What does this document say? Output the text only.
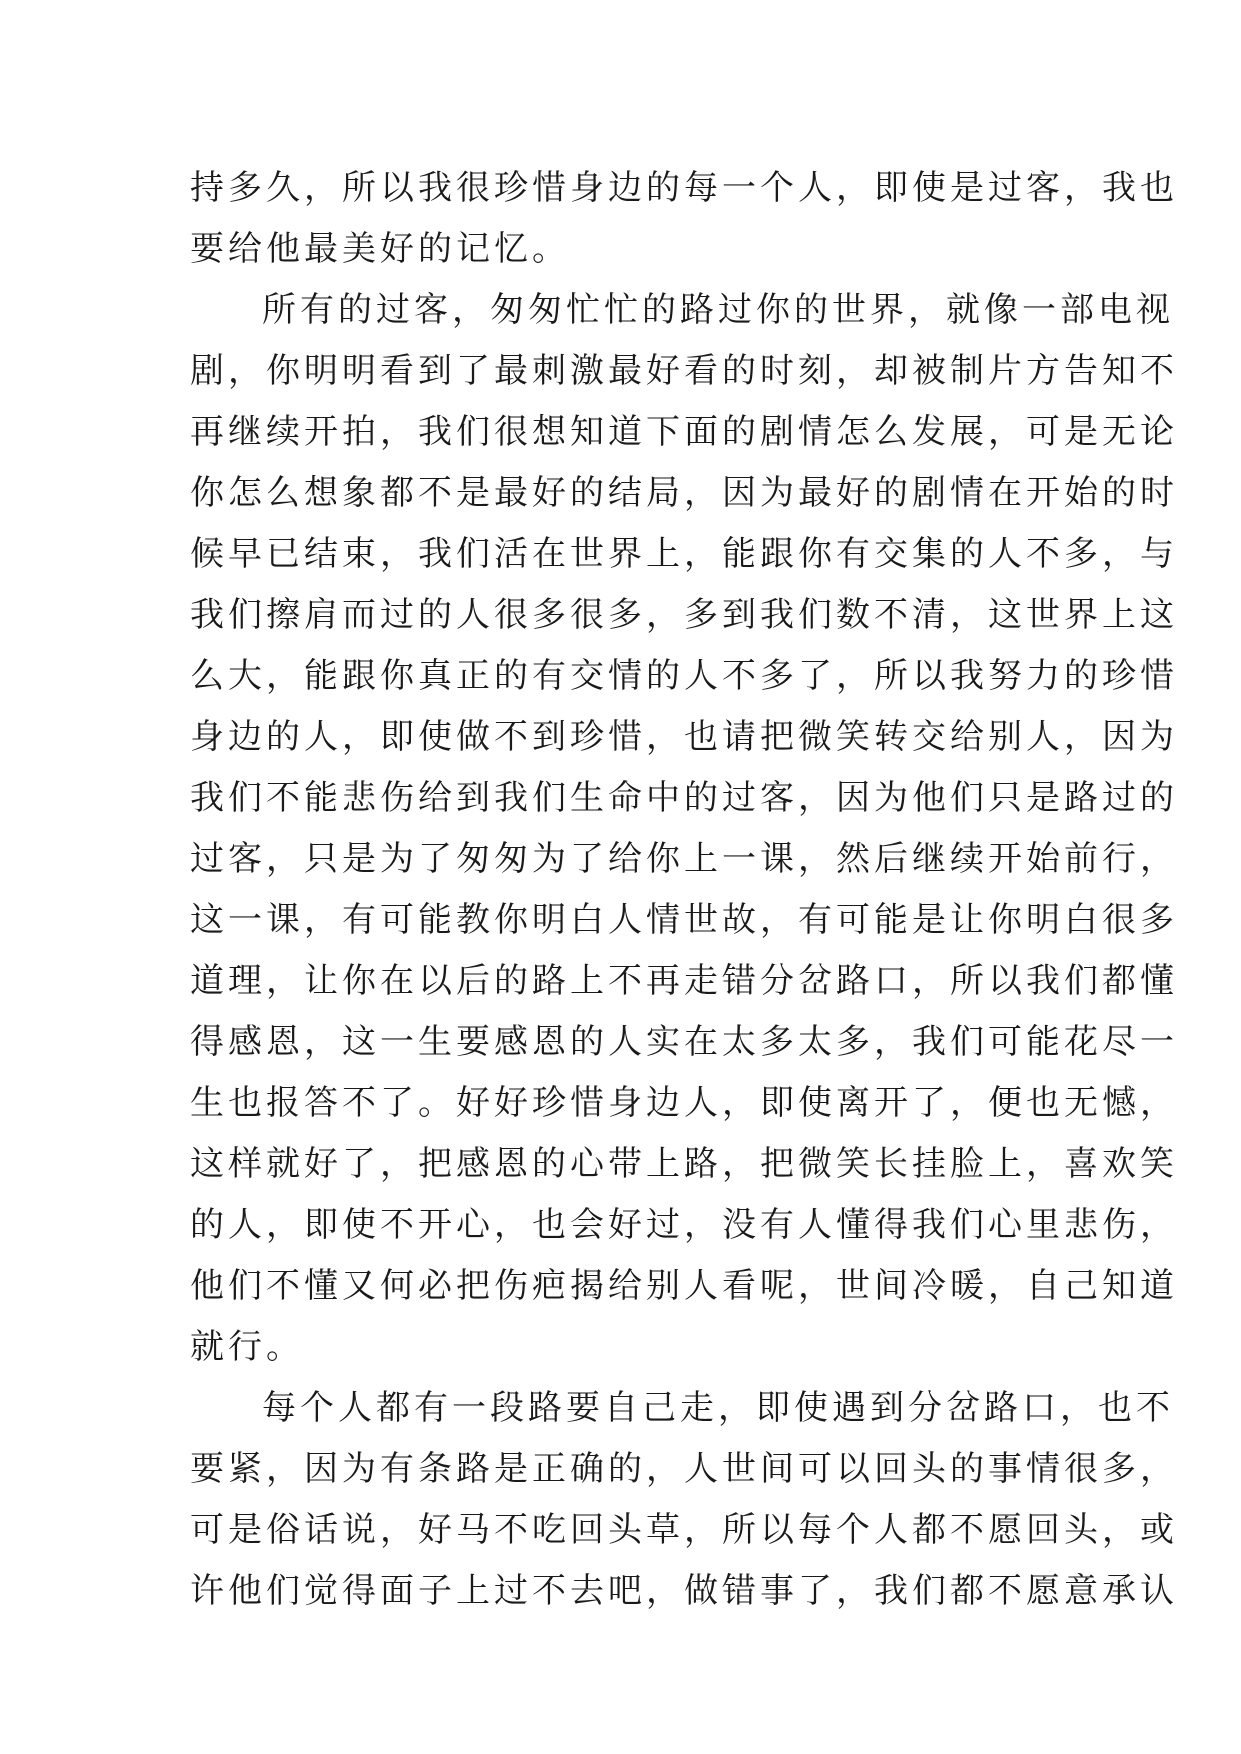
持多久，所以我很珍惜身边的每一个人，即使是过客，我也
要给他最美好的记忆。
所有的过客，匆匆忙忙的路过你的世界，就像一部电视
剧，你明明看到了最刺激最好看的时刻，却被制片方告知不
再继续开拍，我们很想知道下面的剧情怎么发展，可是无论
你怎么想象都不是最好的结局，因为最好的剧情在开始的时
候早已结束，我们活在世界上，能跟你有交集的人不多，与
我们擦肩而过的人很多很多，多到我们数不清，这世界上这
么大，能跟你真正的有交情的人不多了，所以我努力的珍惜
身边的人，即使做不到珍惜，也请把微笑转交给别人，因为
我们不能悲伤给到我们生命中的过客，因为他们只是路过的
过客，只是为了匆匆为了给你上一课，然后继续开始前行，
这一课，有可能教你明白人情世故，有可能是让你明白很多
道理，让你在以后的路上不再走错分岔路口，所以我们都懂
得感恩，这一生要感恩的人实在太多太多，我们可能花尽一
生也报答不了。好好珍惜身边人，即使离开了，便也无憾，
这样就好了，把感恩的心带上路，把微笑长挂脸上，喜欢笑
的人，即使不开心，也会好过，没有人懂得我们心里悲伤，
他们不懂又何必把伤疤揭给别人看呢，世间冷暖，自己知道
就行。
每个人都有一段路要自己走，即使遇到分岔路口，也不
要紧，因为有条路是正确的，人世间可以回头的事情很多，
可是俗话说，好马不吃回头草，所以每个人都不愿回头，或
许他们觉得面子上过不去吧，做错事了，我们都不愿意承认
